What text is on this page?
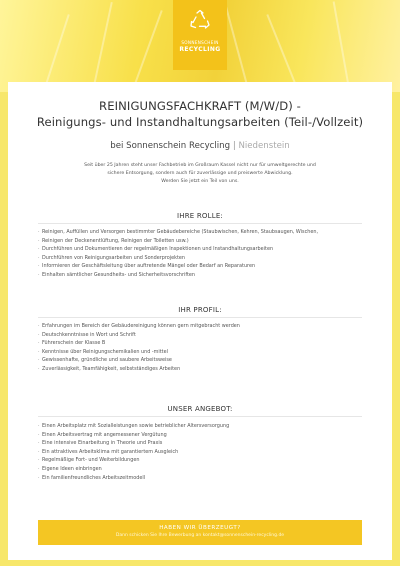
SONNENSCHEIN
RECYCLING
REINIGUNGSFACHKRAFT (M/W/D) -
Reinigungs- und Instandhaltungsarbeiten (Teil-/Vollzeit)
bei Sonnenschein Recycling | Niedenstein
Seit über 25 Jahren steht unser Fachbetrieb im Großraum Kassel nicht nur für umweltgerechte und
sichere Entsorgung, sondern auch für zuverlässige und preiswerte Abwicklung.
Werden Sie jetzt ein Teil von uns.
IHRE ROLLE:
· Reinigen, Auffüllen und Versorgen bestimmter Gebäudebereiche (Staubwischen, Kehren, Staubsaugen, Wischen,
· Reinigen der Deckenentlüftung, Reinigen der Toiletten usw.)
· Durchführen und Dokumentieren der regelmäßigen Inspektionen und Instandhaltungsarbeiten
· Durchführen von Reinigungsarbeiten und Sonderprojekten
· Informieren der Geschäftsleitung über auftretende Mängel oder Bedarf an Reparaturen
· Einhalten sämtlicher Gesundheits- und Sicherheitsvorschriften
IHR PROFIL:
· Erfahrungen im Bereich der Gebäudereinigung können gern mitgebracht werden
· Deutschkenntnisse in Wort und Schrift
· Führerschein der Klasse B
· Kenntnisse über Reinigungschemikalien und -mittel
· Gewissenhafte, gründliche und saubere Arbeitsweise
· Zuverlässigkeit, Teamfähigkeit, selbstständiges Arbeiten
UNSER ANGEBOT:
· Einen Arbeitsplatz mit Sozialleistungen sowie betrieblicher Altersversorgung
· Einen Arbeitsvertrag mit angemessener Vergütung
· Eine intensive Einarbeitung in Theorie und Praxis
· Ein attraktives Arbeitsklima mit garantiertem Ausgleich
· Regelmäßige Fort- und Weiterbildungen
· Eigene Ideen einbringen
· Ein familienfreundliches Arbeitszeitmodell
HABEN WIR ÜBERZEUGT?
Dann schicken Sie Ihre Bewerbung an kontakt@sonnenschein-recycling.de
